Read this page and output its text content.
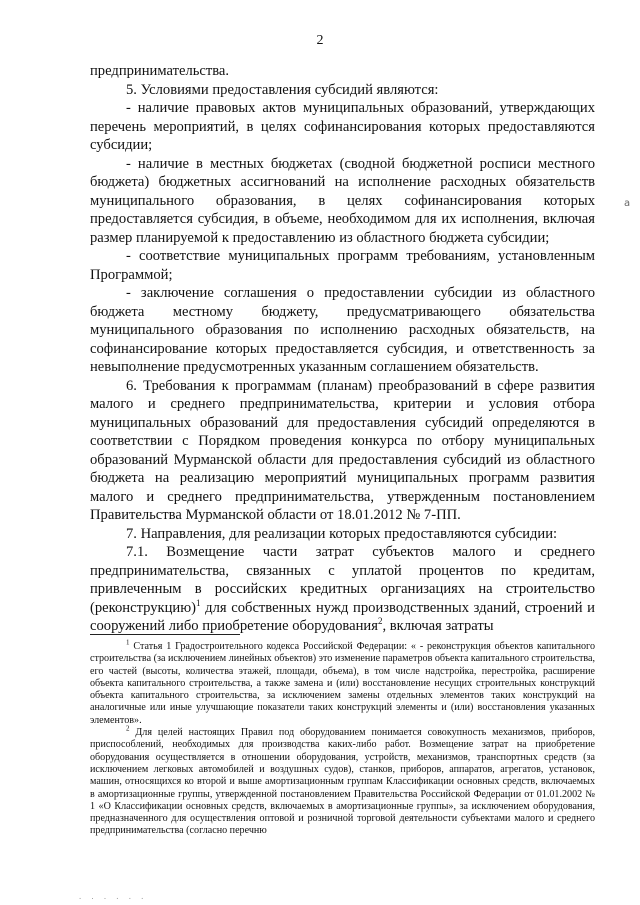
2

предпринимательства.

5. Условиями предоставления субсидий являются:

- наличие правовых актов муниципальных образований, утверждающих перечень мероприятий, в целях софинансирования которых предоставляются субсидии;

- наличие в местных бюджетах (сводной бюджетной росписи местного бюджета) бюджетных ассигнований на исполнение расходных обязательств муниципального образования, в целях софинансирования которых предоставляется субсидия, в объеме, необходимом для их исполнения, включая размер планируемой к предоставлению из областного бюджета субсидии;

- соответствие муниципальных программ требованиям, установленным Программой;

- заключение соглашения о предоставлении субсидии из областного бюджета местному бюджету, предусматривающего обязательства муниципального образования по исполнению расходных обязательств, на софинансирование которых предоставляется субсидия, и ответственность за невыполнение предусмотренных указанным соглашением обязательств.

6. Требования к программам (планам) преобразований в сфере развития малого и среднего предпринимательства, критерии и условия отбора муниципальных образований для предоставления субсидий определяются в соответствии с Порядком проведения конкурса по отбору муниципальных образований Мурманской области для предоставления субсидий из областного бюджета на реализацию мероприятий муниципальных программ развития малого и среднего предпринимательства, утвержденным постановлением Правительства Мурманской области от 18.01.2012 № 7-ПП.

7. Направления, для реализации которых предоставляются субсидии:

7.1. Возмещение части затрат субъектов малого и среднего предпринимательства, связанных с уплатой процентов по кредитам, привлеченным в российских кредитных организациях на строительство (реконструкцию)$^1$ для собственных нужд производственных зданий, строений и сооружений либо приобретение оборудования$^2$, включая затраты

$^1$ Статья 1 Градостроительного кодекса Российской Федерации: « - реконструкция объектов капитального строительства (за исключением линейных объектов) это изменение параметров объекта капитального строительства, его частей (высоты, количества этажей, площади, объема), в том числе надстройка, перестройка, расширение объекта капитального строительства, а также замена и (или) восстановление несущих строительных конструкций объекта капитального строительства, за исключением замены отдельных элементов таких конструкций на аналогичные или иные улучшающие показатели таких конструкций элементы и (или) восстановления указанных элементов».

$^2$ Для целей настоящих Правил под оборудованием понимается совокупность механизмов, приборов, приспособлений, необходимых для производства каких-либо работ. Возмещение затрат на приобретение оборудования осуществляется в отношении оборудования, устройств, механизмов, транспортных средств (за исключением легковых автомобилей и воздушных судов), станков, приборов, аппаратов, агрегатов, установок, машин, относящихся ко второй и выше амортизационным группам Классификации основных средств, включаемых в амортизационные группы, утвержденной постановлением Правительства Российской Федерации от 01.01.2002 № 1 «О Классификации основных средств, включаемых в амортизационные группы», за исключением оборудования, предназначенного для осуществления оптовой и розничной торговой деятельности субъектами малого и среднего предпринимательства (согласно перечню

а
. . . . . .
